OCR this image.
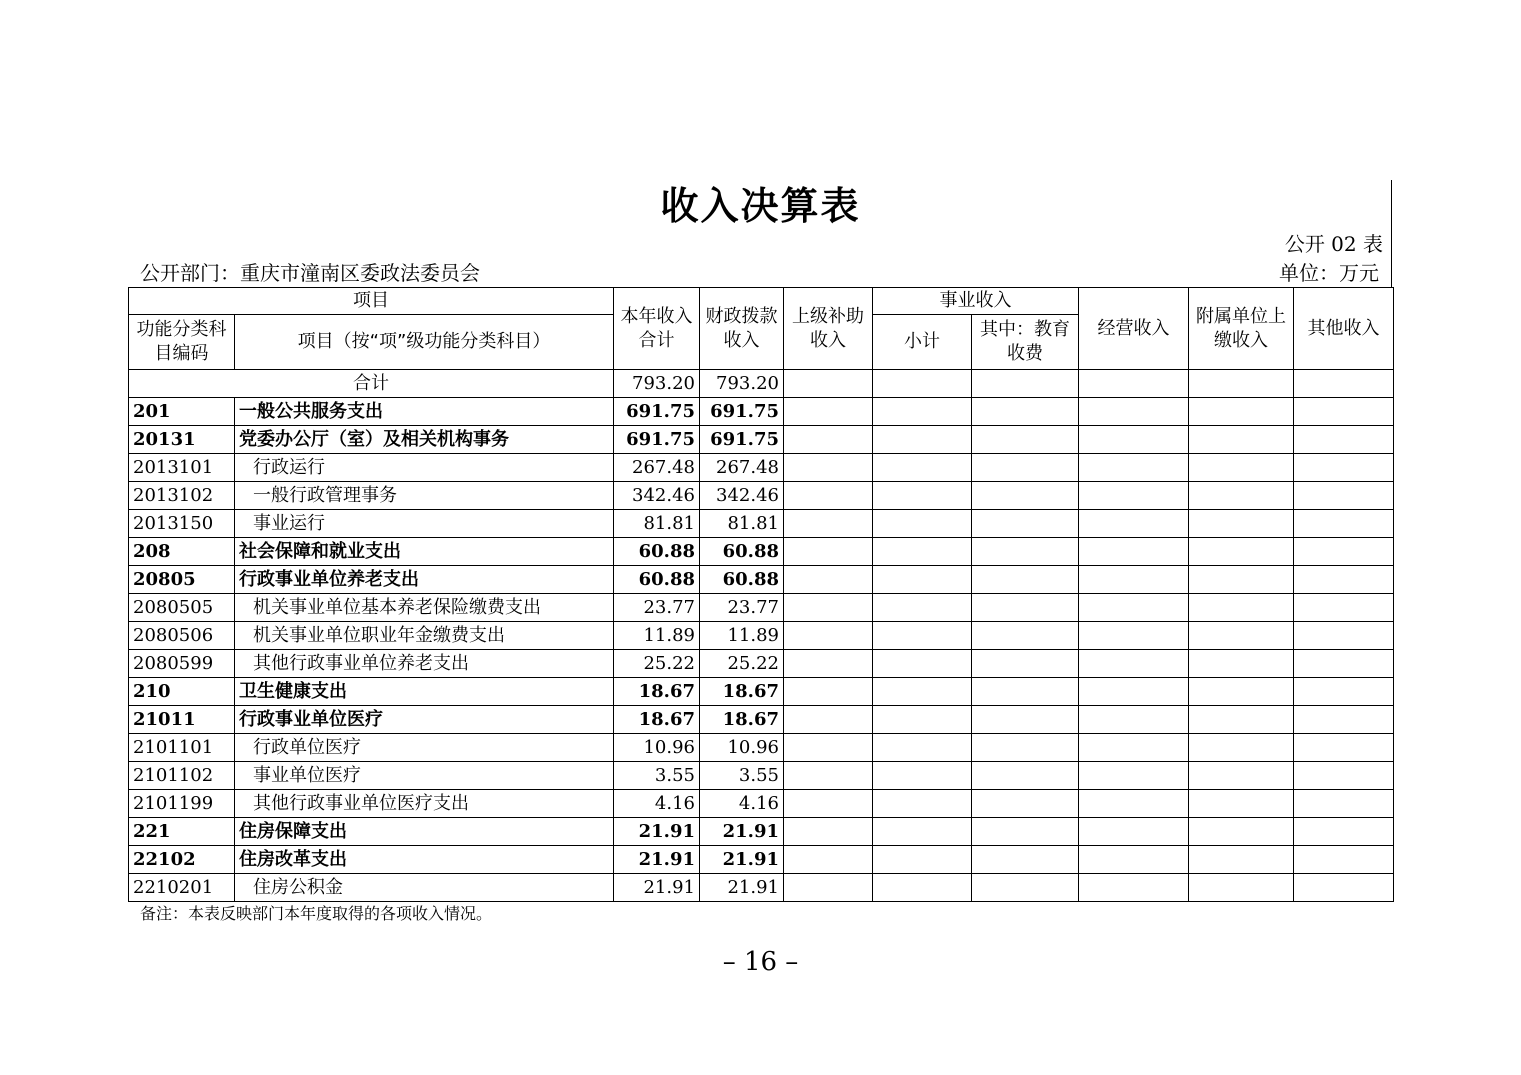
收入决算表
公开 02 表
公开部门：重庆市潼南区委政法委员会	单位：万元
项目		本年收入合计	财政拨款收入	上级补助收入	事业收入		经营收入	附属单位上缴收入	其他收入
功能分类科目编码	项目（按“项”级功能分类科目）				小计	其中：教育收费			
合计		793.20	793.20						
201	一般公共服务支出	691.75	691.75						
20131	党委办公厅（室）及相关机构事务	691.75	691.75						
2013101	行政运行	267.48	267.48						
2013102	一般行政管理事务	342.46	342.46						
2013150	事业运行	81.81	81.81						
208	社会保障和就业支出	60.88	60.88						
20805	行政事业单位养老支出	60.88	60.88						
2080505	机关事业单位基本养老保险缴费支出	23.77	23.77						
2080506	机关事业单位职业年金缴费支出	11.89	11.89						
2080599	其他行政事业单位养老支出	25.22	25.22						
210	卫生健康支出	18.67	18.67						
21011	行政事业单位医疗	18.67	18.67						
2101101	行政单位医疗	10.96	10.96						
2101102	事业单位医疗	3.55	3.55						
2101199	其他行政事业单位医疗支出	4.16	4.16						
221	住房保障支出	21.91	21.91						
22102	住房改革支出	21.91	21.91						
2210201	住房公积金	21.91	21.91						
备注：本表反映部门本年度取得的各项收入情况。
– 16 –
